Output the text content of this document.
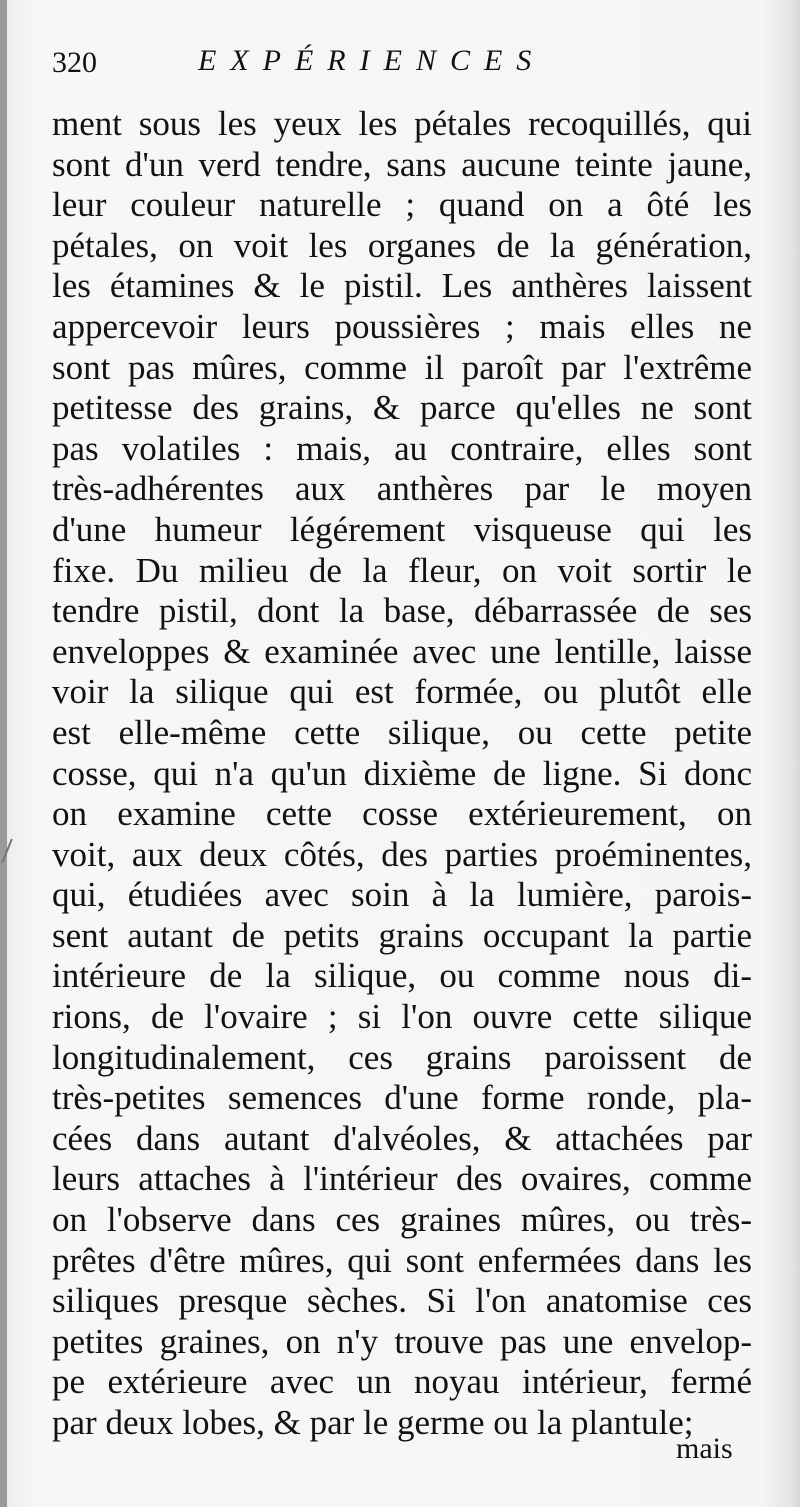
320	EXPÉRIENCES
ment sous les yeux les pétales recoquillés, qui
sont d'un verd tendre, sans aucune teinte jaune,
leur couleur naturelle ; quand on a ôté les
pétales, on voit les organes de la génération,
les étamines & le pistil. Les anthères laissent
appercevoir leurs poussières ; mais elles ne
sont pas mûres, comme il paroît par l'extrême
petitesse des grains, & parce qu'elles ne sont
pas volatiles : mais, au contraire, elles sont
très-adhérentes aux anthères par le moyen
d'une humeur légérement visqueuse qui les
fixe. Du milieu de la fleur, on voit sortir le
tendre pistil, dont la base, débarrassée de ses
enveloppes & examinée avec une lentille, laisse
voir la silique qui est formée, ou plutôt elle
est elle-même cette silique, ou cette petite
cosse, qui n'a qu'un dixième de ligne. Si donc
on examine cette cosse extérieurement, on
voit, aux deux côtés, des parties proéminentes,
qui, étudiées avec soin à la lumière, parois-
sent autant de petits grains occupant la partie
intérieure de la silique, ou comme nous di-
rions, de l'ovaire ; si l'on ouvre cette silique
longitudinalement, ces grains paroissent de
très-petites semences d'une forme ronde, pla-
cées dans autant d'alvéoles, & attachées par
leurs attaches à l'intérieur des ovaires, comme
on l'observe dans ces graines mûres, ou très-
prêtes d'être mûres, qui sont enfermées dans les
siliques presque sèches. Si l'on anatomise ces
petites graines, on n'y trouve pas une envelop-
pe extérieure avec un noyau intérieur, fermé
par deux lobes, & par le germe ou la plantule;
mais
